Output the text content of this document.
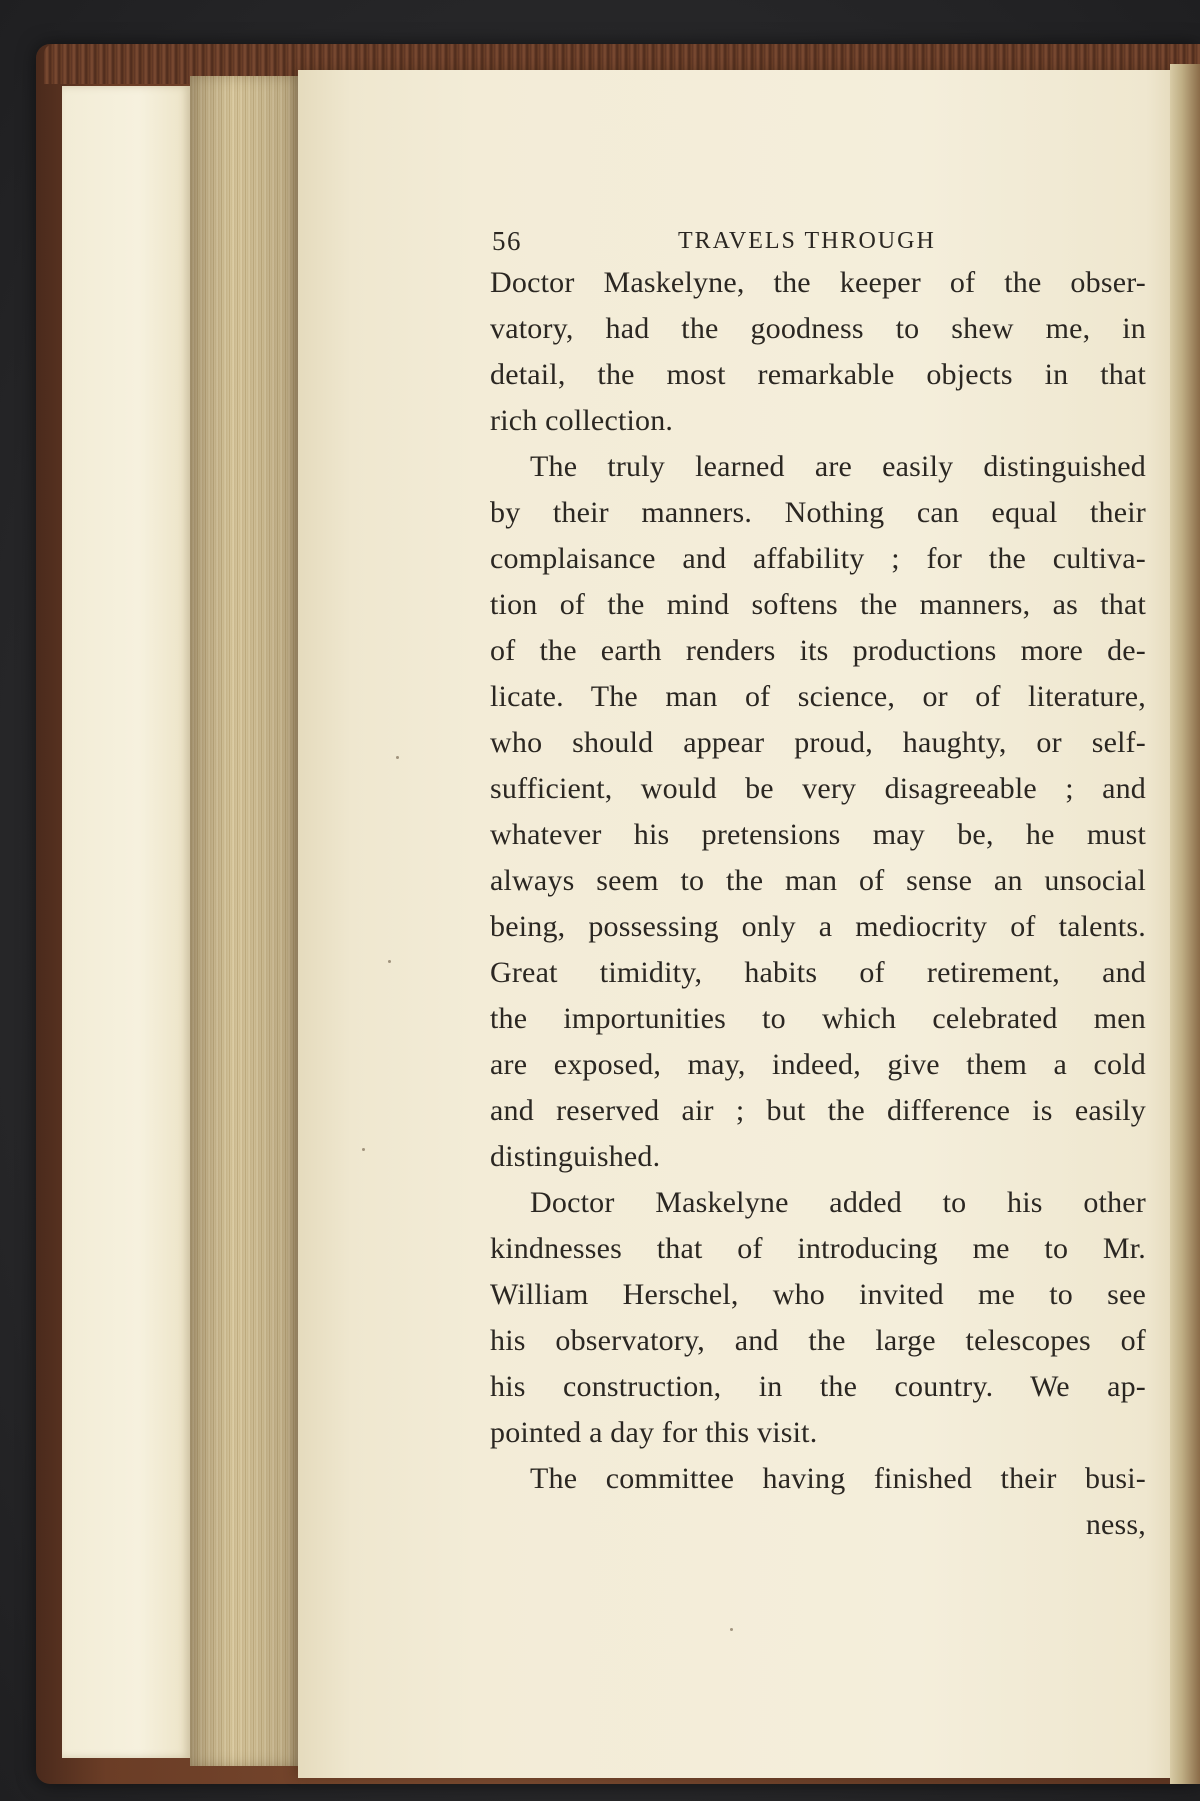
56	TRAVELS THROUGH
Doctor Maskelyne, the keeper of the obser-
vatory, had the goodness to shew me, in
detail, the most remarkable objects in that
rich collection.
The truly learned are easily distinguished
by their manners. Nothing can equal their
complaisance and affability ; for the cultiva-
tion of the mind softens the manners, as that
of the earth renders its productions more de-
licate. The man of science, or of literature,
who should appear proud, haughty, or self-
sufficient, would be very disagreeable ; and
whatever his pretensions may be, he must
always seem to the man of sense an unsocial
being, possessing only a mediocrity of talents.
Great timidity, habits of retirement, and
the importunities to which celebrated men
are exposed, may, indeed, give them a cold
and reserved air ; but the difference is easily
distinguished.
Doctor Maskelyne added to his other
kindnesses that of introducing me to Mr.
William Herschel, who invited me to see
his observatory, and the large telescopes of
his construction, in the country. We ap-
pointed a day for this visit.
The committee having finished their busi-
ness,
